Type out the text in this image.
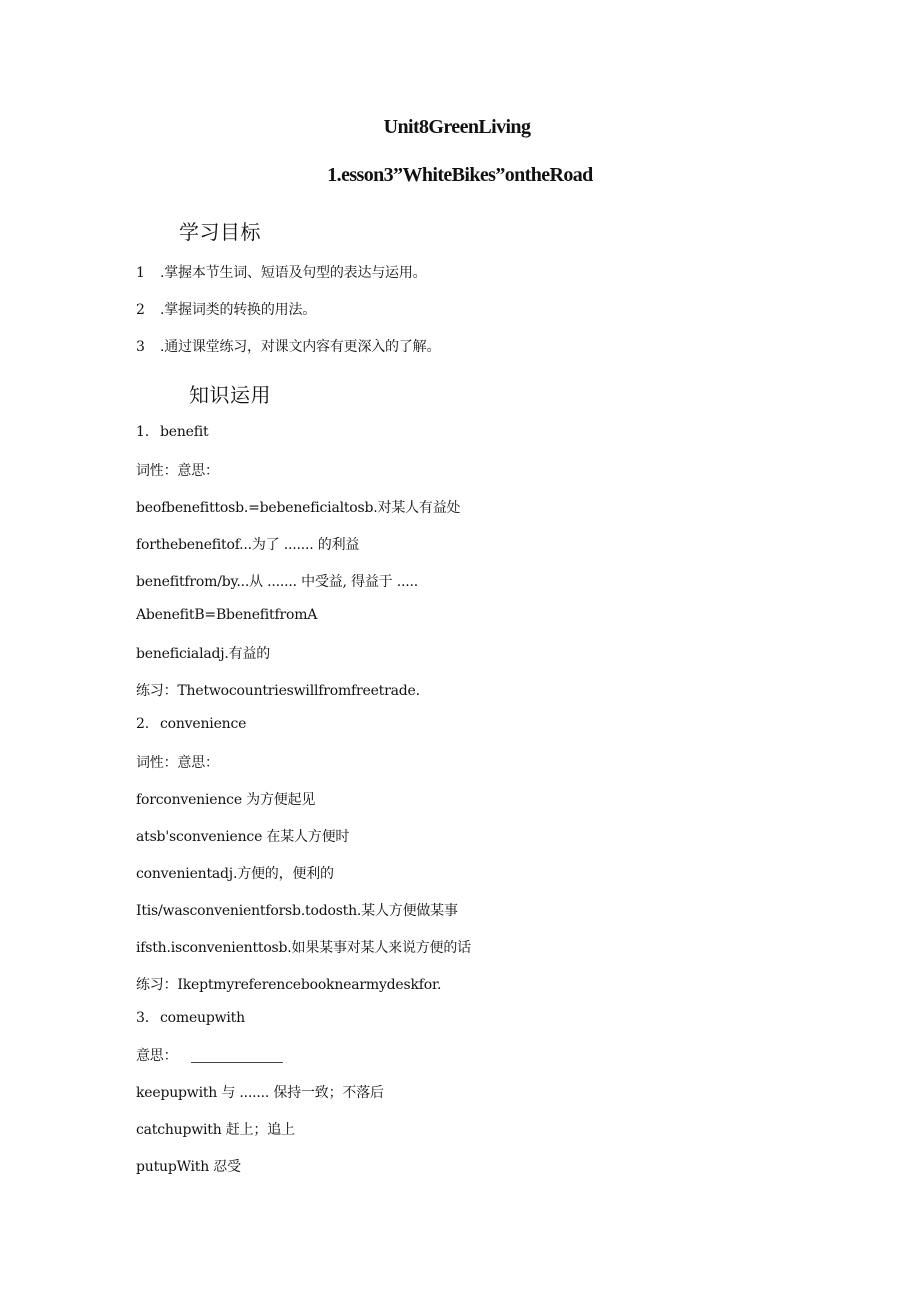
Unit8GreenLiving
1.esson3”WhiteBikes”ontheRoad
学习目标

1 .掌握本节生词、短语及句型的表达与运用。

2 .掌握词类的转换的用法。

3 .通过课堂练习，对课文内容有更深入的了解。

知识运用

1. benefit

词性：意思：

beofbenefittosb.=bebeneficialtosb.对某人有益处

forthebenefitof...为了 ....... 的利益

benefitfrom/by...从 ....... 中受益, 得益于 .....

AbenefitB=BbenefitfromA

beneficialadj.有益的

练习：Thetwocountrieswillfromfreetrade.

2. convenience

词性：意思：

forconvenience 为方便起见

atsb'sconvenience 在某人方便时

convenientadj.方便的，便利的

Itis/wasconvenientforsb.todosth.某人方便做某事

ifsth.isconvenienttosb.如果某事对某人来说方便的话

练习：Ikeptmyreferencebooknearmydeskfor.

3. comeupwith

意思：

keepupwith 与 ....... 保持一致；不落后

catchupwith 赶上；追上

putupWith 忍受
